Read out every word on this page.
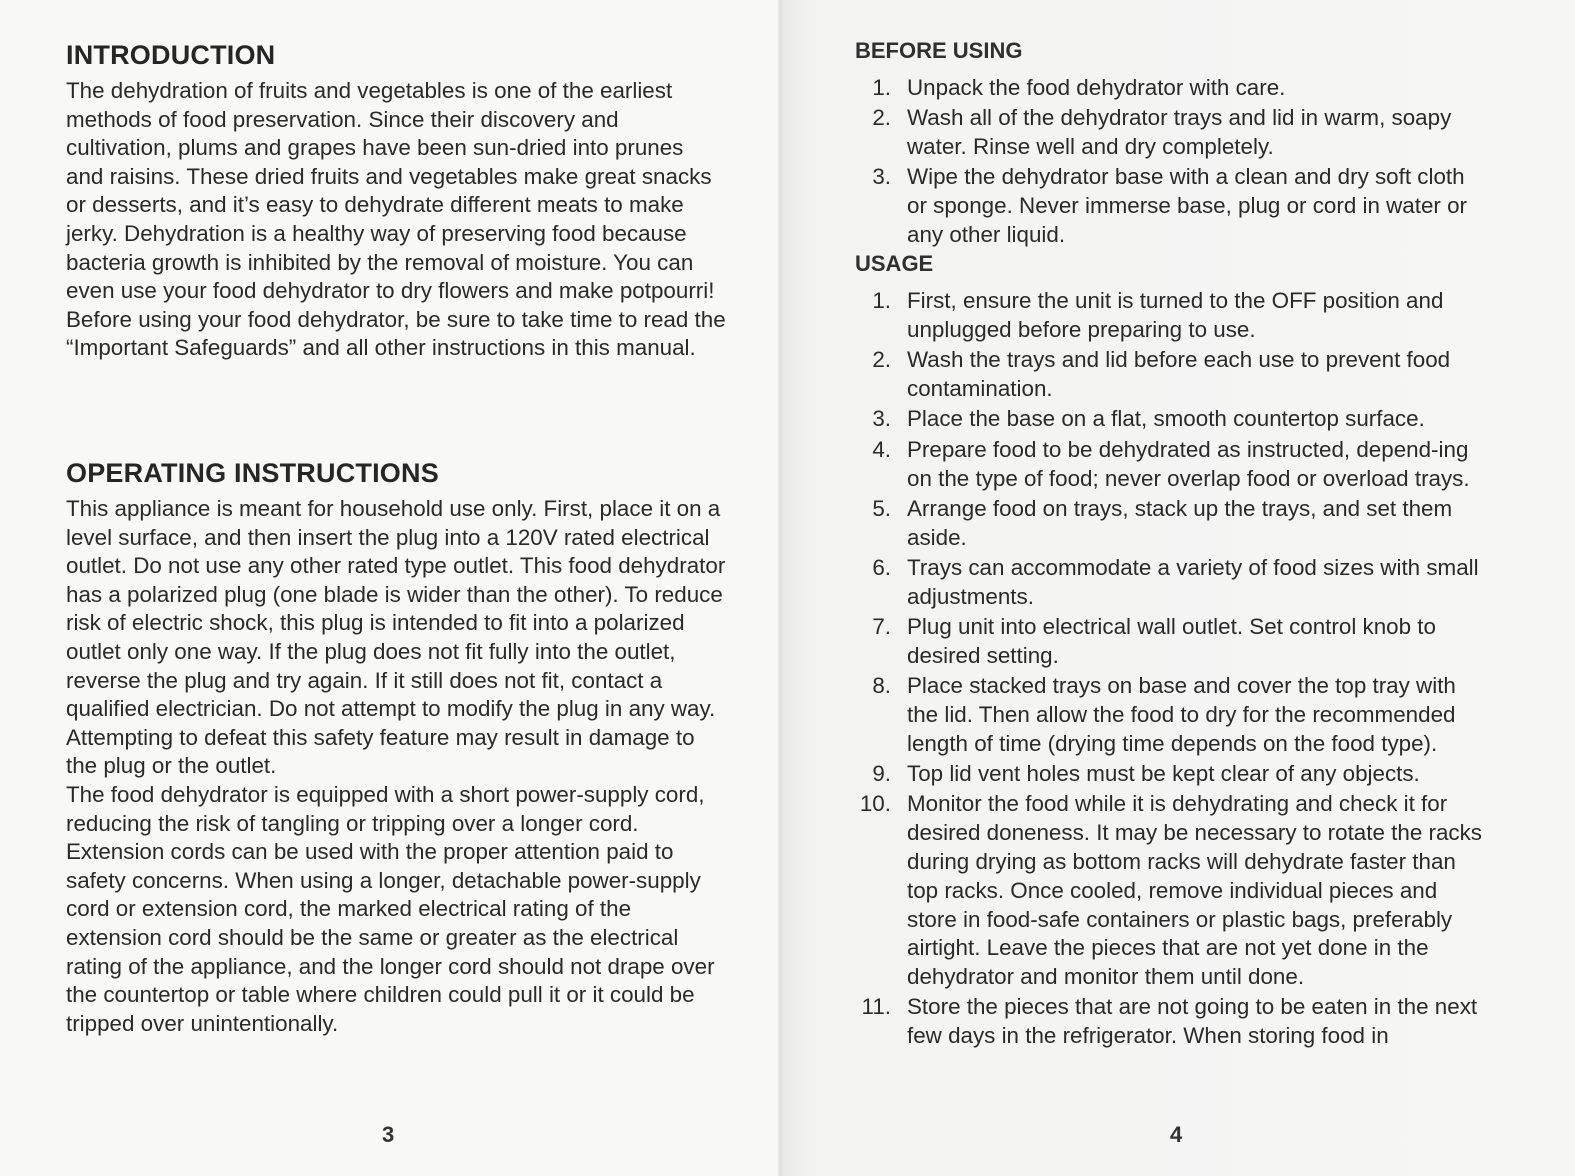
INTRODUCTION

The dehydration of fruits and vegetables is one of the earliest methods of food preservation. Since their discovery and cultivation, plums and grapes have been sun-dried into prunes and raisins. These dried fruits and vegetables make great snacks or desserts, and it’s easy to dehydrate different meats to make jerky. Dehydration is a healthy way of preserving food because bacteria growth is inhibited by the removal of moisture. You can even use your food dehydrator to dry flowers and make potpourri! Before using your food dehydrator, be sure to take time to read the “Important Safeguards” and all other instructions in this manual.

OPERATING INSTRUCTIONS

This appliance is meant for household use only. First, place it on a level surface, and then insert the plug into a 120V rated electrical outlet. Do not use any other rated type outlet. This food dehydrator has a polarized plug (one blade is wider than the other). To reduce risk of electric shock, this plug is intended to fit into a polarized outlet only one way. If the plug does not fit fully into the outlet, reverse the plug and try again. If it still does not fit, contact a qualified electrician. Do not attempt to modify the plug in any way. Attempting to defeat this safety feature may result in damage to the plug or the outlet.

The food dehydrator is equipped with a short power-supply cord, reducing the risk of tangling or tripping over a longer cord. Extension cords can be used with the proper attention paid to safety concerns. When using a longer, detachable power-supply cord or extension cord, the marked electrical rating of the extension cord should be the same or greater as the electrical rating of the appliance, and the longer cord should not drape over the countertop or table where children could pull it or it could be tripped over unintentionally.

3
BEFORE USING
1. Unpack the food dehydrator with care.
2. Wash all of the dehydrator trays and lid in warm, soapy water. Rinse well and dry completely.
3. Wipe the dehydrator base with a clean and dry soft cloth or sponge. Never immerse base, plug or cord in water or any other liquid.
USAGE
1. First, ensure the unit is turned to the OFF position and unplugged before preparing to use.
2. Wash the trays and lid before each use to prevent food contamination.
3. Place the base on a flat, smooth countertop surface.
4. Prepare food to be dehydrated as instructed, depend-ing on the type of food; never overlap food or overload trays.
5. Arrange food on trays, stack up the trays, and set them aside.
6. Trays can accommodate a variety of food sizes with small adjustments.
7. Plug unit into electrical wall outlet. Set control knob to desired setting.
8. Place stacked trays on base and cover the top tray with the lid. Then allow the food to dry for the recommended length of time (drying time depends on the food type).
9. Top lid vent holes must be kept clear of any objects.
10. Monitor the food while it is dehydrating and check it for desired doneness. It may be necessary to rotate the racks during drying as bottom racks will dehydrate faster than top racks. Once cooled, remove individual pieces and store in food-safe containers or plastic bags, preferably airtight. Leave the pieces that are not yet done in the dehydrator and monitor them until done.
11. Store the pieces that are not going to be eaten in the next few days in the refrigerator. When storing food in
4
